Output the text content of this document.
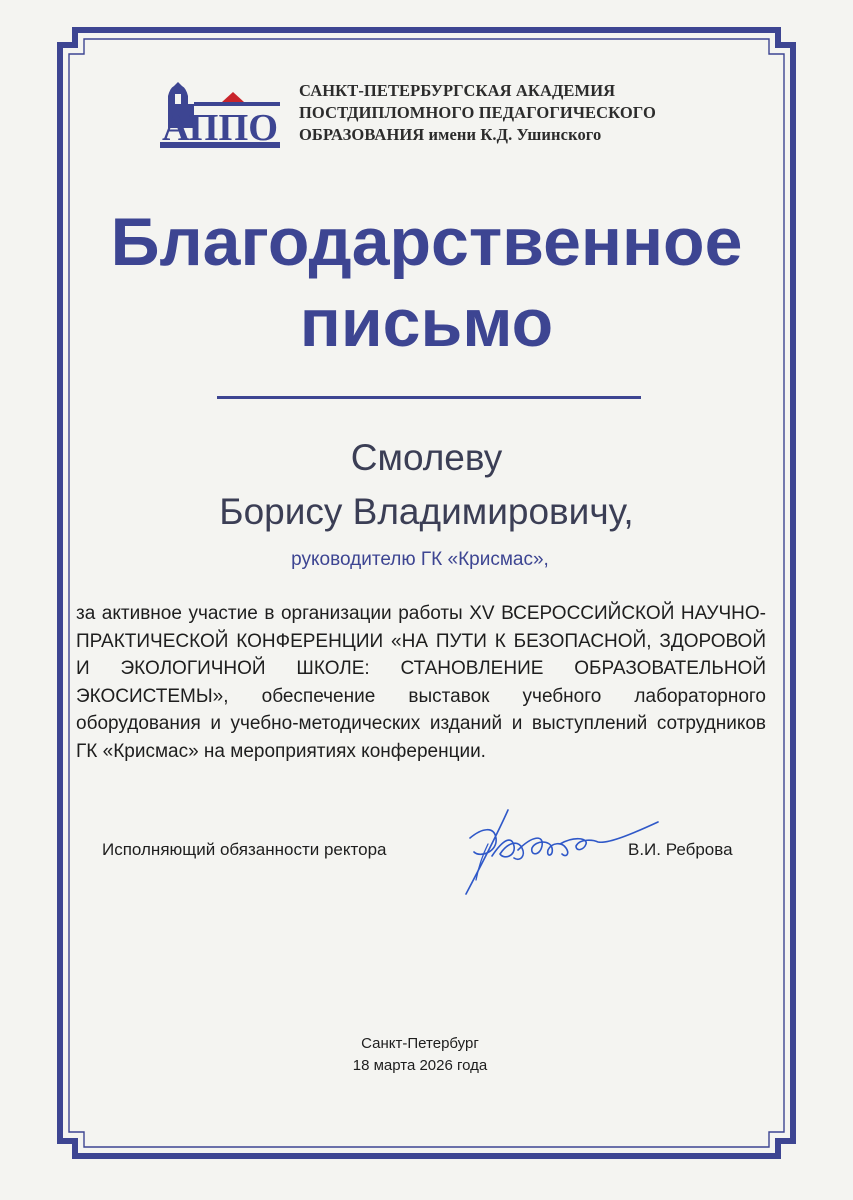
АППО
САНКТ-ПЕТЕРБУРГСКАЯ АКАДЕМИЯ
ПОСТДИПЛОМНОГО ПЕДАГОГИЧЕСКОГО
ОБРАЗОВАНИЯ имени К.Д. Ушинского
Благодарственное
письмо
Смолеву
Борису Владимировичу,
руководителю ГК «Крисмас»,
за активное участие в организации работы XV ВСЕРОССИЙСКОЙ НАУЧНО-ПРАКТИЧЕСКОЙ КОНФЕРЕНЦИИ «НА ПУТИ К БЕЗОПАСНОЙ, ЗДОРОВОЙ И ЭКОЛОГИЧНОЙ ШКОЛЕ: СТАНОВЛЕНИЕ ОБРАЗОВАТЕЛЬНОЙ ЭКОСИСТЕМЫ», обеспечение выставок учебного лабораторного оборудования и учебно-методических изданий и выступлений сотрудников ГК «Крисмас» на мероприятиях конференции.
Исполняющий обязанности ректора	В.И. Реброва
Санкт-Петербург
18 марта 2026 года
